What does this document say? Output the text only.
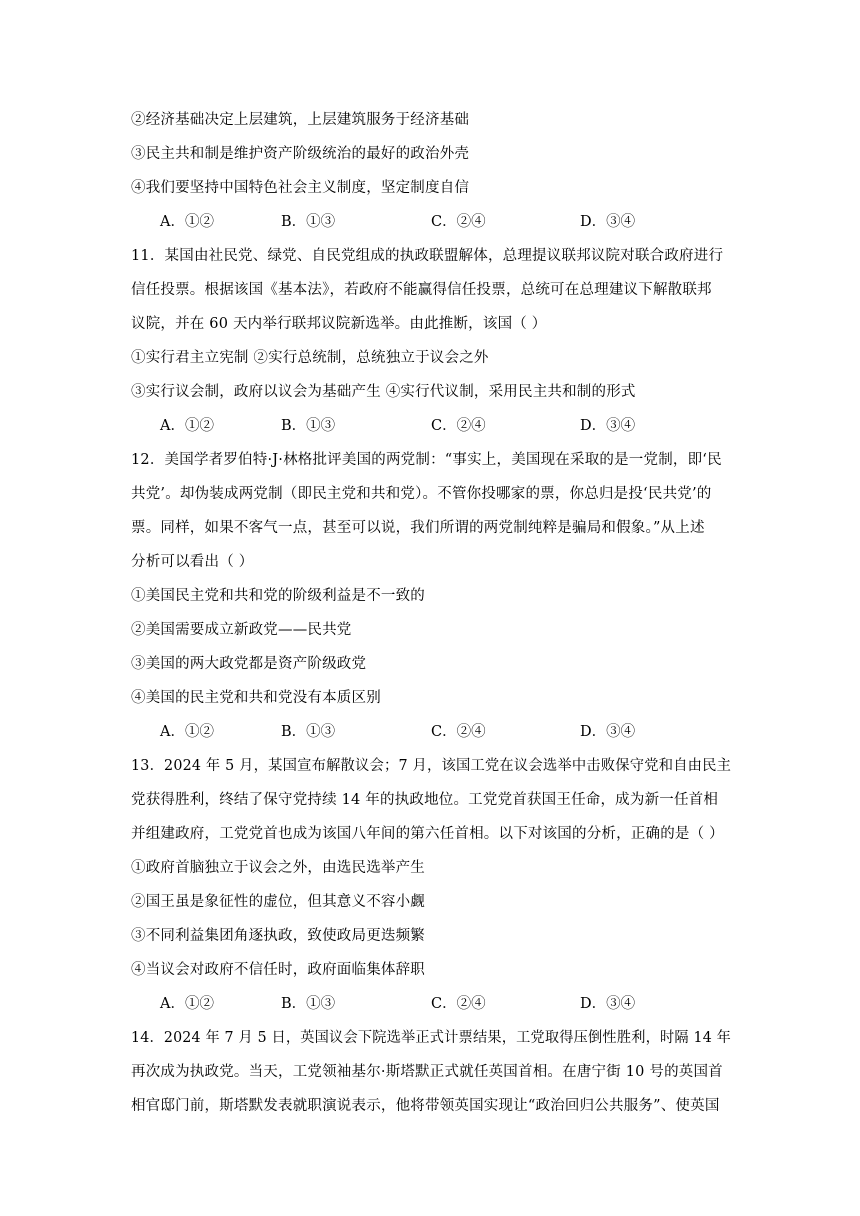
②经济基础决定上层建筑，上层建筑服务于经济基础
③民主共和制是维护资产阶级统治的最好的政治外壳
④我们要坚持中国特色社会主义制度，坚定制度自信
A．①②	B．①③	C．②④	D．③④
11．某国由社民党、绿党、自民党组成的执政联盟解体，总理提议联邦议院对联合政府进行
信任投票。根据该国《基本法》，若政府不能赢得信任投票，总统可在总理建议下解散联邦
议院，并在 60 天内举行联邦议院新选举。由此推断，该国（ ）
①实行君主立宪制 ②实行总统制，总统独立于议会之外
③实行议会制，政府以议会为基础产生 ④实行代议制，采用民主共和制的形式
A．①②	B．①③	C．②④	D．③④
12．美国学者罗伯特·J·林格批评美国的两党制：“事实上，美国现在采取的是一党制，即‘民
共党’。却伪装成两党制（即民主党和共和党）。不管你投哪家的票，你总归是投‘民共党’的
票。同样，如果不客气一点，甚至可以说，我们所谓的两党制纯粹是骗局和假象。”从上述
分析可以看出（ ）
①美国民主党和共和党的阶级利益是不一致的
②美国需要成立新政党——民共党
③美国的两大政党都是资产阶级政党
④美国的民主党和共和党没有本质区别
A．①②	B．①③	C．②④	D．③④
13．2024 年 5 月，某国宣布解散议会；7 月，该国工党在议会选举中击败保守党和自由民主
党获得胜利，终结了保守党持续 14 年的执政地位。工党党首获国王任命，成为新一任首相
并组建政府，工党党首也成为该国八年间的第六任首相。以下对该国的分析，正确的是（ ）
①政府首脑独立于议会之外，由选民选举产生
②国王虽是象征性的虚位，但其意义不容小觑
③不同利益集团角逐执政，致使政局更迭频繁
④当议会对政府不信任时，政府面临集体辞职
A．①②	B．①③	C．②④	D．③④
14．2024 年 7 月 5 日，英国议会下院选举正式计票结果，工党取得压倒性胜利，时隔 14 年
再次成为执政党。当天，工党领袖基尔·斯塔默正式就任英国首相。在唐宁街 10 号的英国首
相官邸门前，斯塔默发表就职演说表示，他将带领英国实现让“政治回归公共服务”、使英国
